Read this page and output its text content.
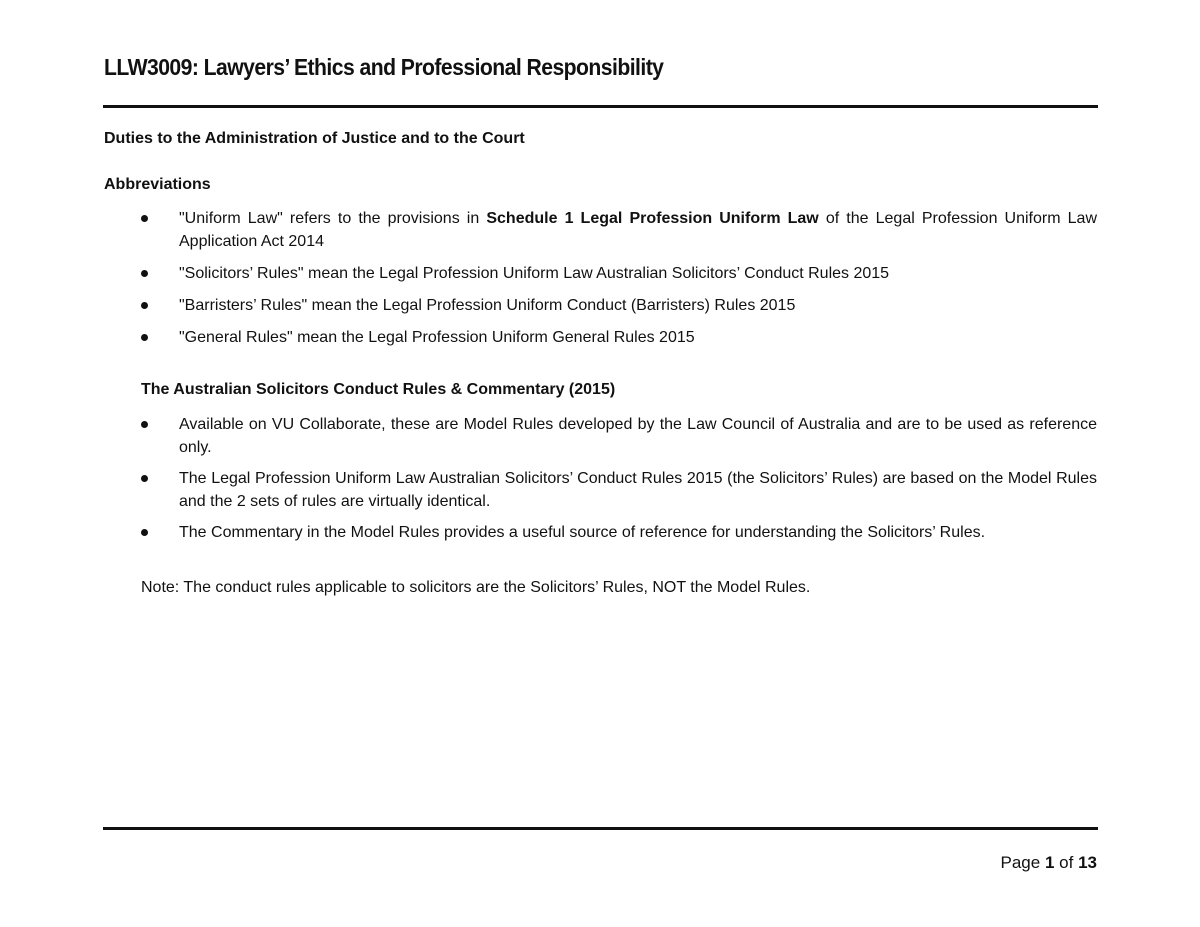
LLW3009: Lawyers’ Ethics and Professional Responsibility
Duties to the Administration of Justice and to the Court
Abbreviations
"Uniform Law" refers to the provisions in Schedule 1 Legal Profession Uniform Law of the Legal Profession Uniform Law Application Act 2014
"Solicitors’ Rules" mean the Legal Profession Uniform Law Australian Solicitors’ Conduct Rules 2015
"Barristers’ Rules" mean the Legal Profession Uniform Conduct (Barristers) Rules 2015
"General Rules" mean the Legal Profession Uniform General Rules 2015
The Australian Solicitors Conduct Rules & Commentary (2015)
Available on VU Collaborate, these are Model Rules developed by the Law Council of Australia and are to be used as reference only.
The Legal Profession Uniform Law Australian Solicitors’ Conduct Rules 2015 (the Solicitors’ Rules) are based on the Model Rules and the 2 sets of rules are virtually identical.
The Commentary in the Model Rules provides a useful source of reference for understanding the Solicitors’ Rules.
Note: The conduct rules applicable to solicitors are the Solicitors’ Rules, NOT the Model Rules.
Page 1 of 13
